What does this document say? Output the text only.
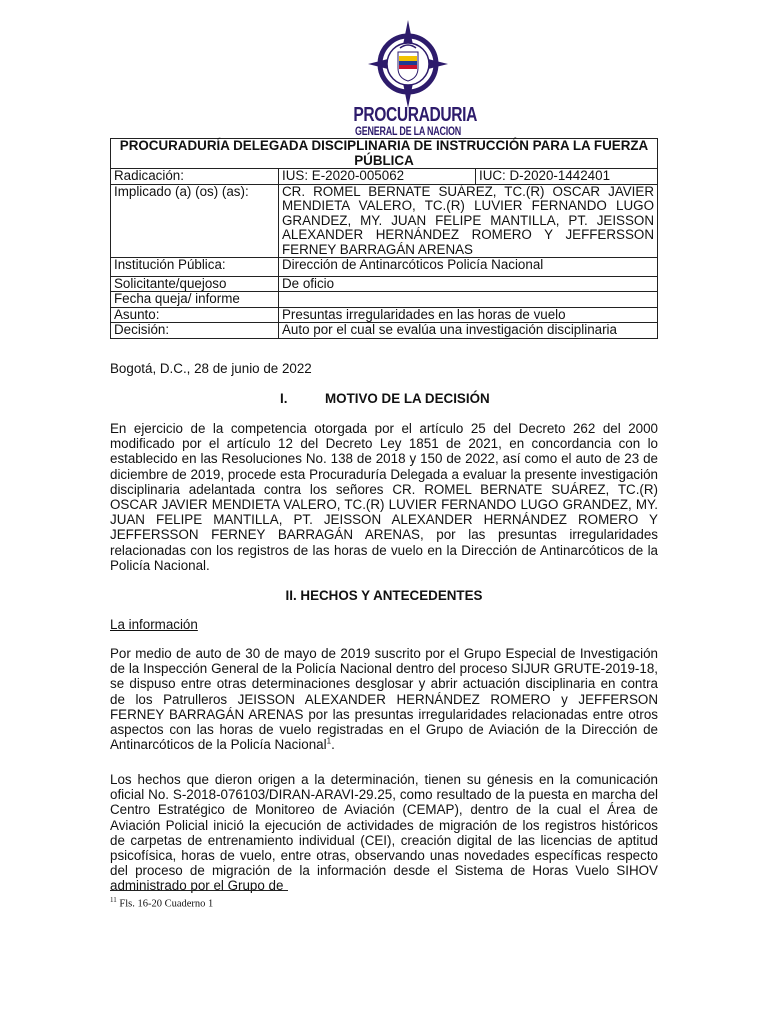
PROCURADURIA
GENERAL DE LA NACION
PROCURADURÍA DELEGADA DISCIPLINARIA DE INSTRUCCIÓN PARA LA FUERZA PÚBLICA		
Radicación:	IUS: E-2020-005062	IUC: D-2020-1442401
Implicado (a) (os) (as):	CR. ROMEL BERNATE SUÁREZ, TC.(R) OSCAR JAVIER MENDIETA VALERO, TC.(R) LUVIER FERNANDO LUGO GRANDEZ, MY. JUAN FELIPE MANTILLA, PT. JEISSON ALEXANDER HERNÁNDEZ ROMERO Y JEFFERSSON FERNEY BARRAGÁN ARENAS	
Institución Pública:	Dirección de Antinarcóticos Policía Nacional	
Solicitante/quejoso	De oficio	
Fecha queja/ informe		
Asunto:	Presuntas irregularidades en las horas de vuelo	
Decisión:	Auto por el cual se evalúa una investigación disciplinaria	
Bogotá, D.C., 28 de junio de 2022
I.	MOTIVO DE LA DECISIÓN
En ejercicio de la competencia otorgada por el artículo 25 del Decreto 262 del 2000 modificado por el artículo 12 del Decreto Ley 1851 de 2021, en concordancia con lo establecido en las Resoluciones No. 138 de 2018 y 150 de 2022, así como el auto de 23 de diciembre de 2019, procede esta Procuraduría Delegada a evaluar la presente investigación disciplinaria adelantada contra los señores CR. ROMEL BERNATE SUÁREZ, TC.(R) OSCAR JAVIER MENDIETA VALERO, TC.(R) LUVIER FERNANDO LUGO GRANDEZ, MY. JUAN FELIPE MANTILLA, PT. JEISSON ALEXANDER HERNÁNDEZ ROMERO Y JEFFERSSON FERNEY BARRAGÁN ARENAS, por las presuntas irregularidades relacionadas con los registros de las horas de vuelo en la Dirección de Antinarcóticos de la Policía Nacional.
II. HECHOS Y ANTECEDENTES
La información
Por medio de auto de 30 de mayo de 2019 suscrito por el Grupo Especial de Investigación de la Inspección General de la Policía Nacional dentro del proceso SIJUR GRUTE-2019-18, se dispuso entre otras determinaciones desglosar y abrir actuación disciplinaria en contra de los Patrulleros JEISSON ALEXANDER HERNÁNDEZ ROMERO y JEFFERSON FERNEY BARRAGÁN ARENAS por las presuntas irregularidades relacionadas entre otros aspectos con las horas de vuelo registradas en el Grupo de Aviación de la Dirección de Antinarcóticos de la Policía Nacional$^1$.
Los hechos que dieron origen a la determinación, tienen su génesis en la comunicación oficial No. S-2018-076103/DIRAN-ARAVI-29.25, como resultado de la puesta en marcha del Centro Estratégico de Monitoreo de Aviación (CEMAP), dentro de la cual el Área de Aviación Policial inició la ejecución de actividades de migración de los registros históricos de carpetas de entrenamiento individual (CEI), creación digital de las licencias de aptitud psicofísica, horas de vuelo, entre otras, observando unas novedades específicas respecto del proceso de migración de la información desde el Sistema de Horas Vuelo SIHOV administrado por el Grupo de
$^{11}$ Fls. 16-20 Cuaderno 1
